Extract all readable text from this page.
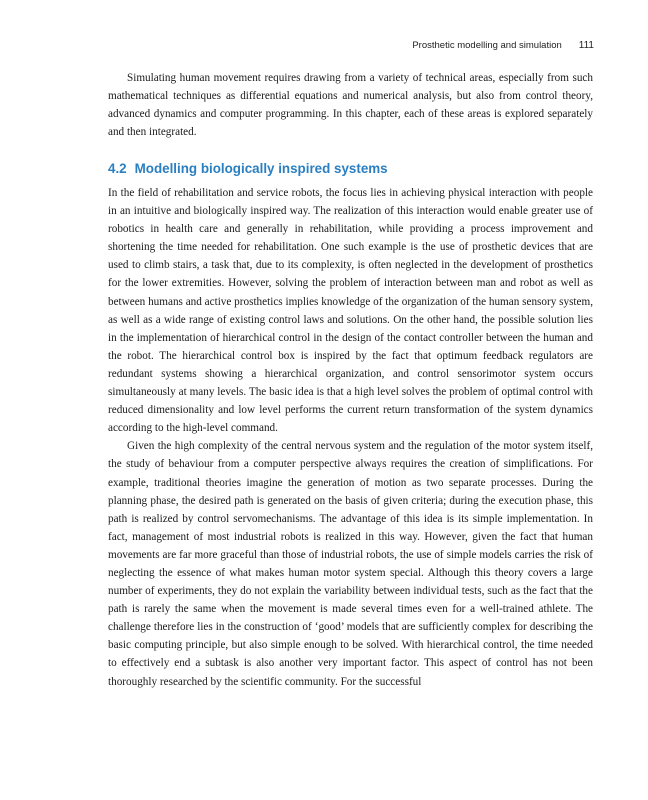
Prosthetic modelling and simulation 111

Simulating human movement requires drawing from a variety of technical areas, especially from such mathematical techniques as differential equations and numerical analysis, but also from control theory, advanced dynamics and computer programming. In this chapter, each of these areas is explored separately and then integrated.

4.2 Modelling biologically inspired systems

In the field of rehabilitation and service robots, the focus lies in achieving physical interaction with people in an intuitive and biologically inspired way. The realization of this interaction would enable greater use of robotics in health care and generally in rehabilitation, while providing a process improvement and shortening the time needed for rehabilitation. One such example is the use of prosthetic devices that are used to climb stairs, a task that, due to its complexity, is often neglected in the development of prosthetics for the lower extremities. However, solving the problem of interaction between man and robot as well as between humans and active prosthetics implies knowledge of the organization of the human sensory system, as well as a wide range of existing control laws and solutions. On the other hand, the possible solution lies in the implementation of hierarchical control in the design of the contact controller between the human and the robot. The hierarchical control box is inspired by the fact that optimum feedback regulators are redundant systems showing a hierarchical organization, and control sensorimotor system occurs simultaneously at many levels. The basic idea is that a high level solves the problem of optimal control with reduced dimensionality and low level performs the current return transformation of the system dynamics according to the high-level command.

Given the high complexity of the central nervous system and the regulation of the motor system itself, the study of behaviour from a computer perspective always requires the creation of simplifications. For example, traditional theories imagine the generation of motion as two separate processes. During the planning phase, the desired path is generated on the basis of given criteria; during the execution phase, this path is realized by control servomechanisms. The advantage of this idea is its simple implementation. In fact, management of most industrial robots is realized in this way. However, given the fact that human movements are far more graceful than those of industrial robots, the use of simple models carries the risk of neglecting the essence of what makes human motor system special. Although this theory covers a large number of experiments, they do not explain the variability between individual tests, such as the fact that the path is rarely the same when the movement is made several times even for a well-trained athlete. The challenge therefore lies in the construction of ‘good’ models that are sufficiently complex for describing the basic computing principle, but also simple enough to be solved. With hierarchical control, the time needed to effectively end a subtask is also another very important factor. This aspect of control has not been thoroughly researched by the scientific community. For the successful
